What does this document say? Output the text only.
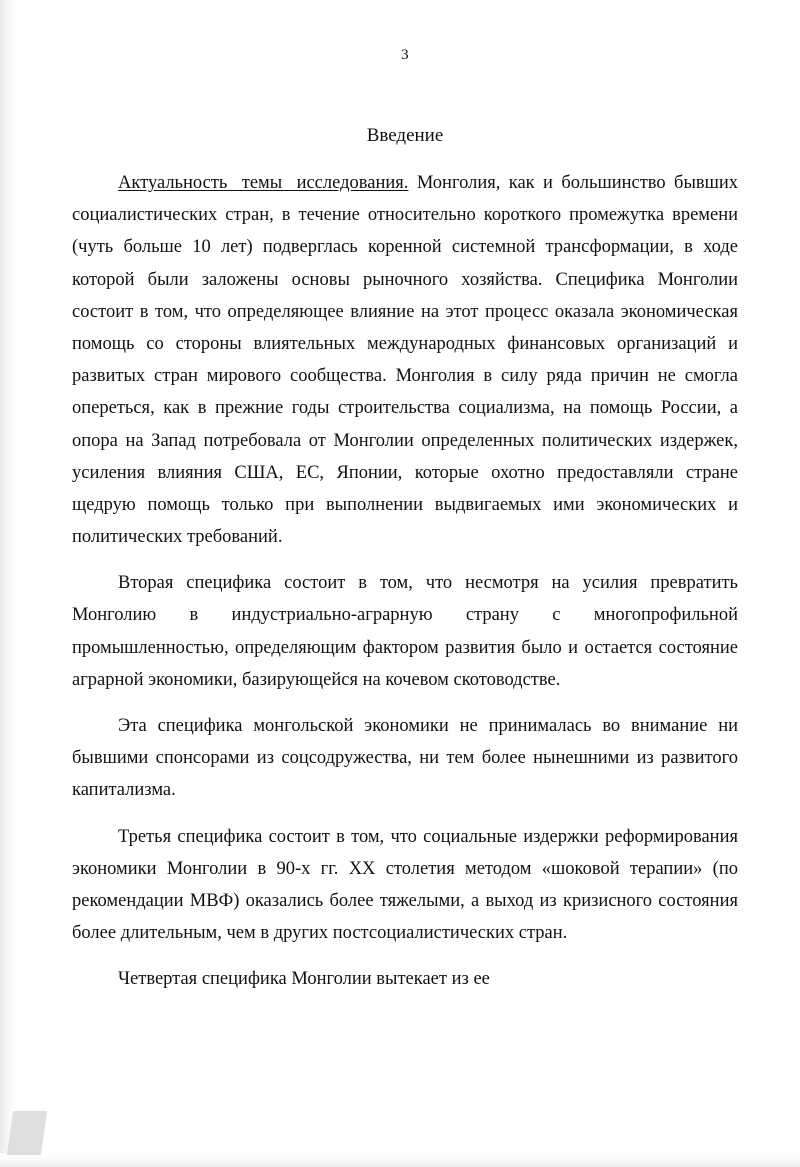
3
Введение

Актуальность темы исследования. Монголия, как и большинство бывших социалистических стран, в течение относительно короткого промежутка времени (чуть больше 10 лет) подверглась коренной системной трансформации, в ходе которой были заложены основы рыночного хозяйства. Специфика Монголии состоит в том, что определяющее влияние на этот процесс оказала экономическая помощь со стороны влиятельных международных финансовых организаций и развитых стран мирового сообщества. Монголия в силу ряда причин не смогла опереться, как в прежние годы строительства социализма, на помощь России, а опора на Запад потребовала от Монголии определенных политических издержек, усиления влияния США, ЕС, Японии, которые охотно предоставляли стране щедрую помощь только при выполнении выдвигаемых ими экономических и политических требований.

Вторая специфика состоит в том, что несмотря на усилия превратить Монголию в индустриально-аграрную страну с многопрофильной промышленностью, определяющим фактором развития было и остается состояние аграрной экономики, базирующейся на кочевом скотоводстве.

Эта специфика монгольской экономики не принималась во внимание ни бывшими спонсорами из соцсодружества, ни тем более нынешними из развитого капитализма.

Третья специфика состоит в том, что социальные издержки реформирования экономики Монголии в 90-х гг. XX столетия методом «шоковой терапии» (по рекомендации МВФ) оказались более тяжелыми, а выход из кризисного состояния более длительным, чем в других постсоциалистических стран.

Четвертая специфика Монголии вытекает из ее
